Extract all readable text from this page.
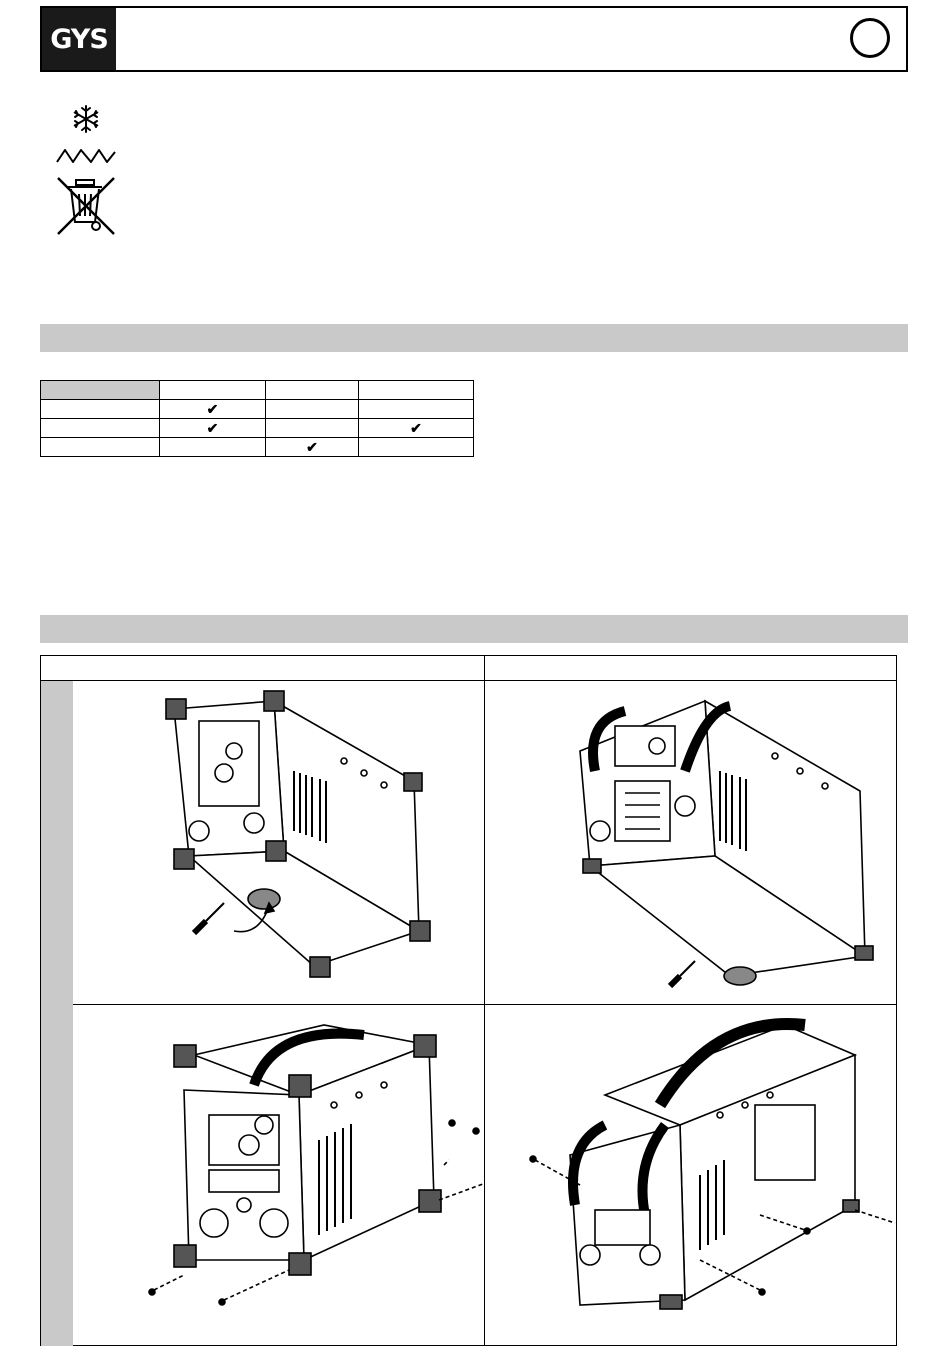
GYS

	✔		
	✔		✔
		✔	
